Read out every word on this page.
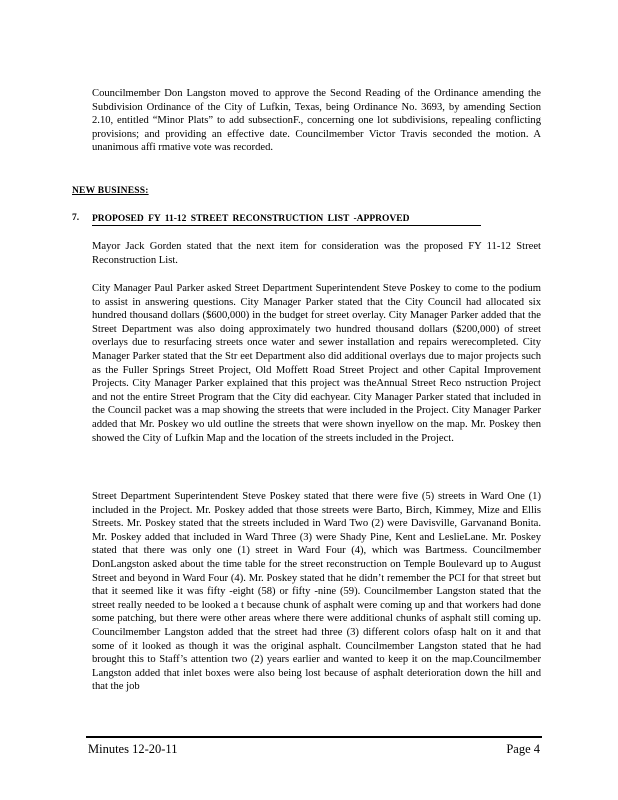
Councilmember Don Langston moved to approve the Second Reading of the Ordinance amending the Subdivision Ordinance of the City of Lufkin, Texas, being Ordinance No. 3693, by amending Section 2.10, entitled “Minor Plats” to add subsectionF., concerning one lot subdivisions, repealing conflicting provisions; and providing an effective date. Councilmember Victor Travis seconded the motion. A unanimous affi rmative vote was recorded.

NEW BUSINESS:
7. PROPOSED FY 11-12 STREET RECONSTRUCTION LIST -APPROVED

Mayor Jack Gorden stated that the next item for consideration was the proposed FY 11-12 Street Reconstruction List.

City Manager Paul Parker asked Street Department Superintendent Steve Poskey to come to the podium to assist in answering questions. City Manager Parker stated that the City Council had allocated six hundred thousand dollars ($600,000) in the budget for street overlay. City Manager Parker added that the Street Department was also doing approximately two hundred thousand dollars ($200,000) of street overlays due to resurfacing streets once water and sewer installation and repairs werecompleted. City Manager Parker stated that the Str eet Department also did additional overlays due to major projects such as the Fuller Springs Street Project, Old Moffett Road Street Project and other Capital Improvement Projects. City Manager Parker explained that this project was theAnnual Street Reco nstruction Project and not the entire Street Program that the City did eachyear. City Manager Parker stated that included in the Council packet was a map showing the streets that were included in the Project. City Manager Parker added that Mr. Poskey wo uld outline the streets that were shown inyellow on the map. Mr. Poskey then showed the City of Lufkin Map and the location of the streets included in the Project.

Street Department Superintendent Steve Poskey stated that there were five (5) streets in Ward One (1) included in the Project. Mr. Poskey added that those streets were Barto, Birch, Kimmey, Mize and Ellis Streets. Mr. Poskey stated that the streets included in Ward Two (2) were Davisville, Garvanand Bonita. Mr. Poskey added that included in Ward Three (3) were Shady Pine, Kent and LeslieLane. Mr. Poskey stated that there was only one (1) street in Ward Four (4), which was Bartmess. Councilmember DonLangston asked about the time table for the street reconstruction on Temple Boulevard up to August Street and beyond in Ward Four (4). Mr. Poskey stated that he didn’t remember the PCI for that street but that it seemed like it was fifty -eight (58) or fifty -nine (59). Councilmember Langston stated that the street really needed to be looked a t because chunk of asphalt were coming up and that workers had done some patching, but there were other areas where there were additional chunks of asphalt still coming up. Councilmember Langston added that the street had three (3) different colors ofasp halt on it and that some of it looked as though it was the original asphalt. Councilmember Langston stated that he had brought this to Staff’s attention two (2) years earlier and wanted to keep it on the map.Councilmember Langston added that inlet boxes were also being lost because of asphalt deterioration down the hill and that the job

Minutes 12-20-11	Page 4
